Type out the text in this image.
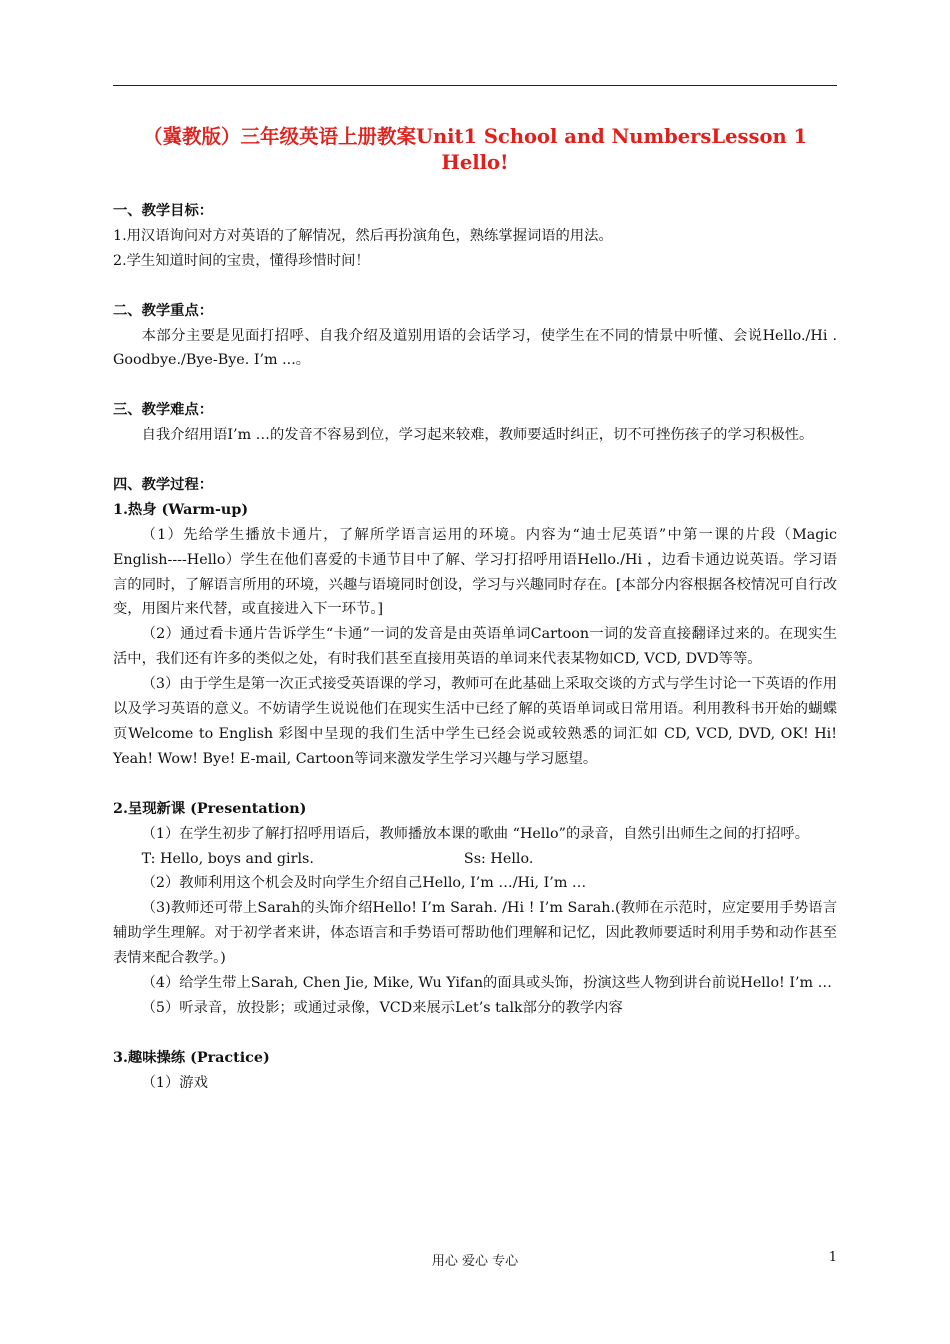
（冀教版）三年级英语上册教案Unit1 School and NumbersLesson 1 Hello!

一、教学目标：

1.用汉语询问对方对英语的了解情况，然后再扮演角色，熟练掌握词语的用法。

2.学生知道时间的宝贵，懂得珍惜时间！

二、教学重点：

本部分主要是见面打招呼、自我介绍及道别用语的会话学习，使学生在不同的情景中听懂、会说Hello./Hi . Goodbye./Bye-Bye. I’m ...。

三、教学难点：

自我介绍用语I’m …的发音不容易到位，学习起来较难，教师要适时纠正，切不可挫伤孩子的学习积极性。

四、教学过程：

1.热身 (Warm-up)

（1）先给学生播放卡通片，了解所学语言运用的环境。内容为“迪士尼英语”中第一课的片段（Magic English----Hello）学生在他们喜爱的卡通节目中了解、学习打招呼用语Hello./Hi ，边看卡通边说英语。学习语言的同时，了解语言所用的环境，兴趣与语境同时创设，学习与兴趣同时存在。[本部分内容根据各校情况可自行改变，用图片来代替，或直接进入下一环节。]

（2）通过看卡通片告诉学生“卡通”一词的发音是由英语单词Cartoon一词的发音直接翻译过来的。在现实生活中，我们还有许多的类似之处，有时我们甚至直接用英语的单词来代表某物如CD, VCD, DVD等等。

（3）由于学生是第一次正式接受英语课的学习，教师可在此基础上采取交谈的方式与学生讨论一下英语的作用以及学习英语的意义。不妨请学生说说他们在现实生活中已经了解的英语单词或日常用语。利用教科书开始的蝴蝶页Welcome to English 彩图中呈现的我们生活中学生已经会说或较熟悉的词汇如 CD, VCD, DVD, OK! Hi! Yeah! Wow! Bye! E-mail, Cartoon等词来激发学生学习兴趣与学习愿望。

2.呈现新课 (Presentation)

（1）在学生初步了解打招呼用语后，教师播放本课的歌曲 “Hello”的录音，自然引出师生之间的打招呼。

T: Hello, boys and girls.	Ss: Hello.

（2）教师利用这个机会及时向学生介绍自己Hello, I’m …/Hi, I’m …

（3)教师还可带上Sarah的头饰介绍Hello! I’m Sarah. /Hi ! I’m Sarah.(教师在示范时，应定要用手势语言辅助学生理解。对于初学者来讲，体态语言和手势语可帮助他们理解和记忆，因此教师要适时利用手势和动作甚至表情来配合教学。)

（4）给学生带上Sarah, Chen Jie, Mike, Wu Yifan的面具或头饰，扮演这些人物到讲台前说Hello! I’m …

（5）听录音，放投影；或通过录像，VCD来展示Let’s talk部分的教学内容

3.趣味操练 (Practice)

（1）游戏

用心 爱心 专心	1
